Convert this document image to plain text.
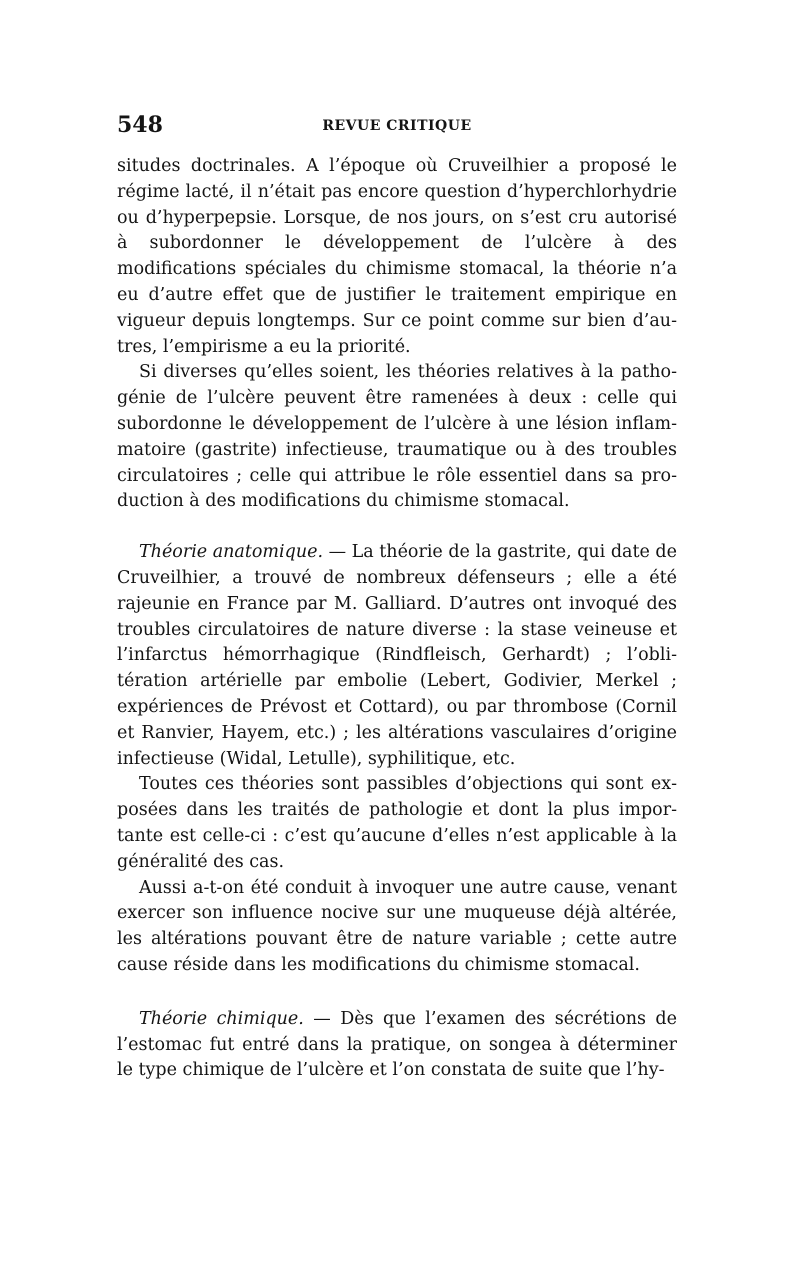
548	REVUE CRITIQUE

situdes doctrinales. A l’époque où Cruveilhier a proposé le régime lacté, il n’était pas encore question d’hyperchlorhydrie ou d’hyperpepsie. Lorsque, de nos jours, on s’est cru autorisé à subordonner le développement de l’ulcère à des modifications spéciales du chimisme stomacal, la théorie n’a eu d’autre effet que de justifier le traitement empirique en vigueur depuis longtemps. Sur ce point comme sur bien d’autres, l’empirisme a eu la priorité.

Si diverses qu’elles soient, les théories relatives à la pathogénie de l’ulcère peuvent être ramenées à deux : celle qui subordonne le développement de l’ulcère à une lésion inflammatoire (gastrite) infectieuse, traumatique ou à des troubles circulatoires ; celle qui attribue le rôle essentiel dans sa production à des modifications du chimisme stomacal.

Théorie anatomique. — La théorie de la gastrite, qui date de Cruveilhier, a trouvé de nombreux défenseurs ; elle a été rajeunie en France par M. Galliard. D’autres ont invoqué des troubles circulatoires de nature diverse : la stase veineuse et l’infarctus hémorrhagique (Rindfleisch, Gerhardt) ; l’oblitération artérielle par embolie (Lebert, Godivier, Merkel ; expériences de Prévost et Cottard), ou par thrombose (Cornil et Ranvier, Hayem, etc.) ; les altérations vasculaires d’origine infectieuse (Widal, Letulle), syphilitique, etc.

Toutes ces théories sont passibles d’objections qui sont exposées dans les traités de pathologie et dont la plus importante est celle-ci : c’est qu’aucune d’elles n’est applicable à la généralité des cas.

Aussi a-t-on été conduit à invoquer une autre cause, venant exercer son influence nocive sur une muqueuse déjà altérée, les altérations pouvant être de nature variable ; cette autre cause réside dans les modifications du chimisme stomacal.

Théorie chimique. — Dès que l’examen des sécrétions de l’estomac fut entré dans la pratique, on songea à déterminer le type chimique de l’ulcère et l’on constata de suite que l’hy-
